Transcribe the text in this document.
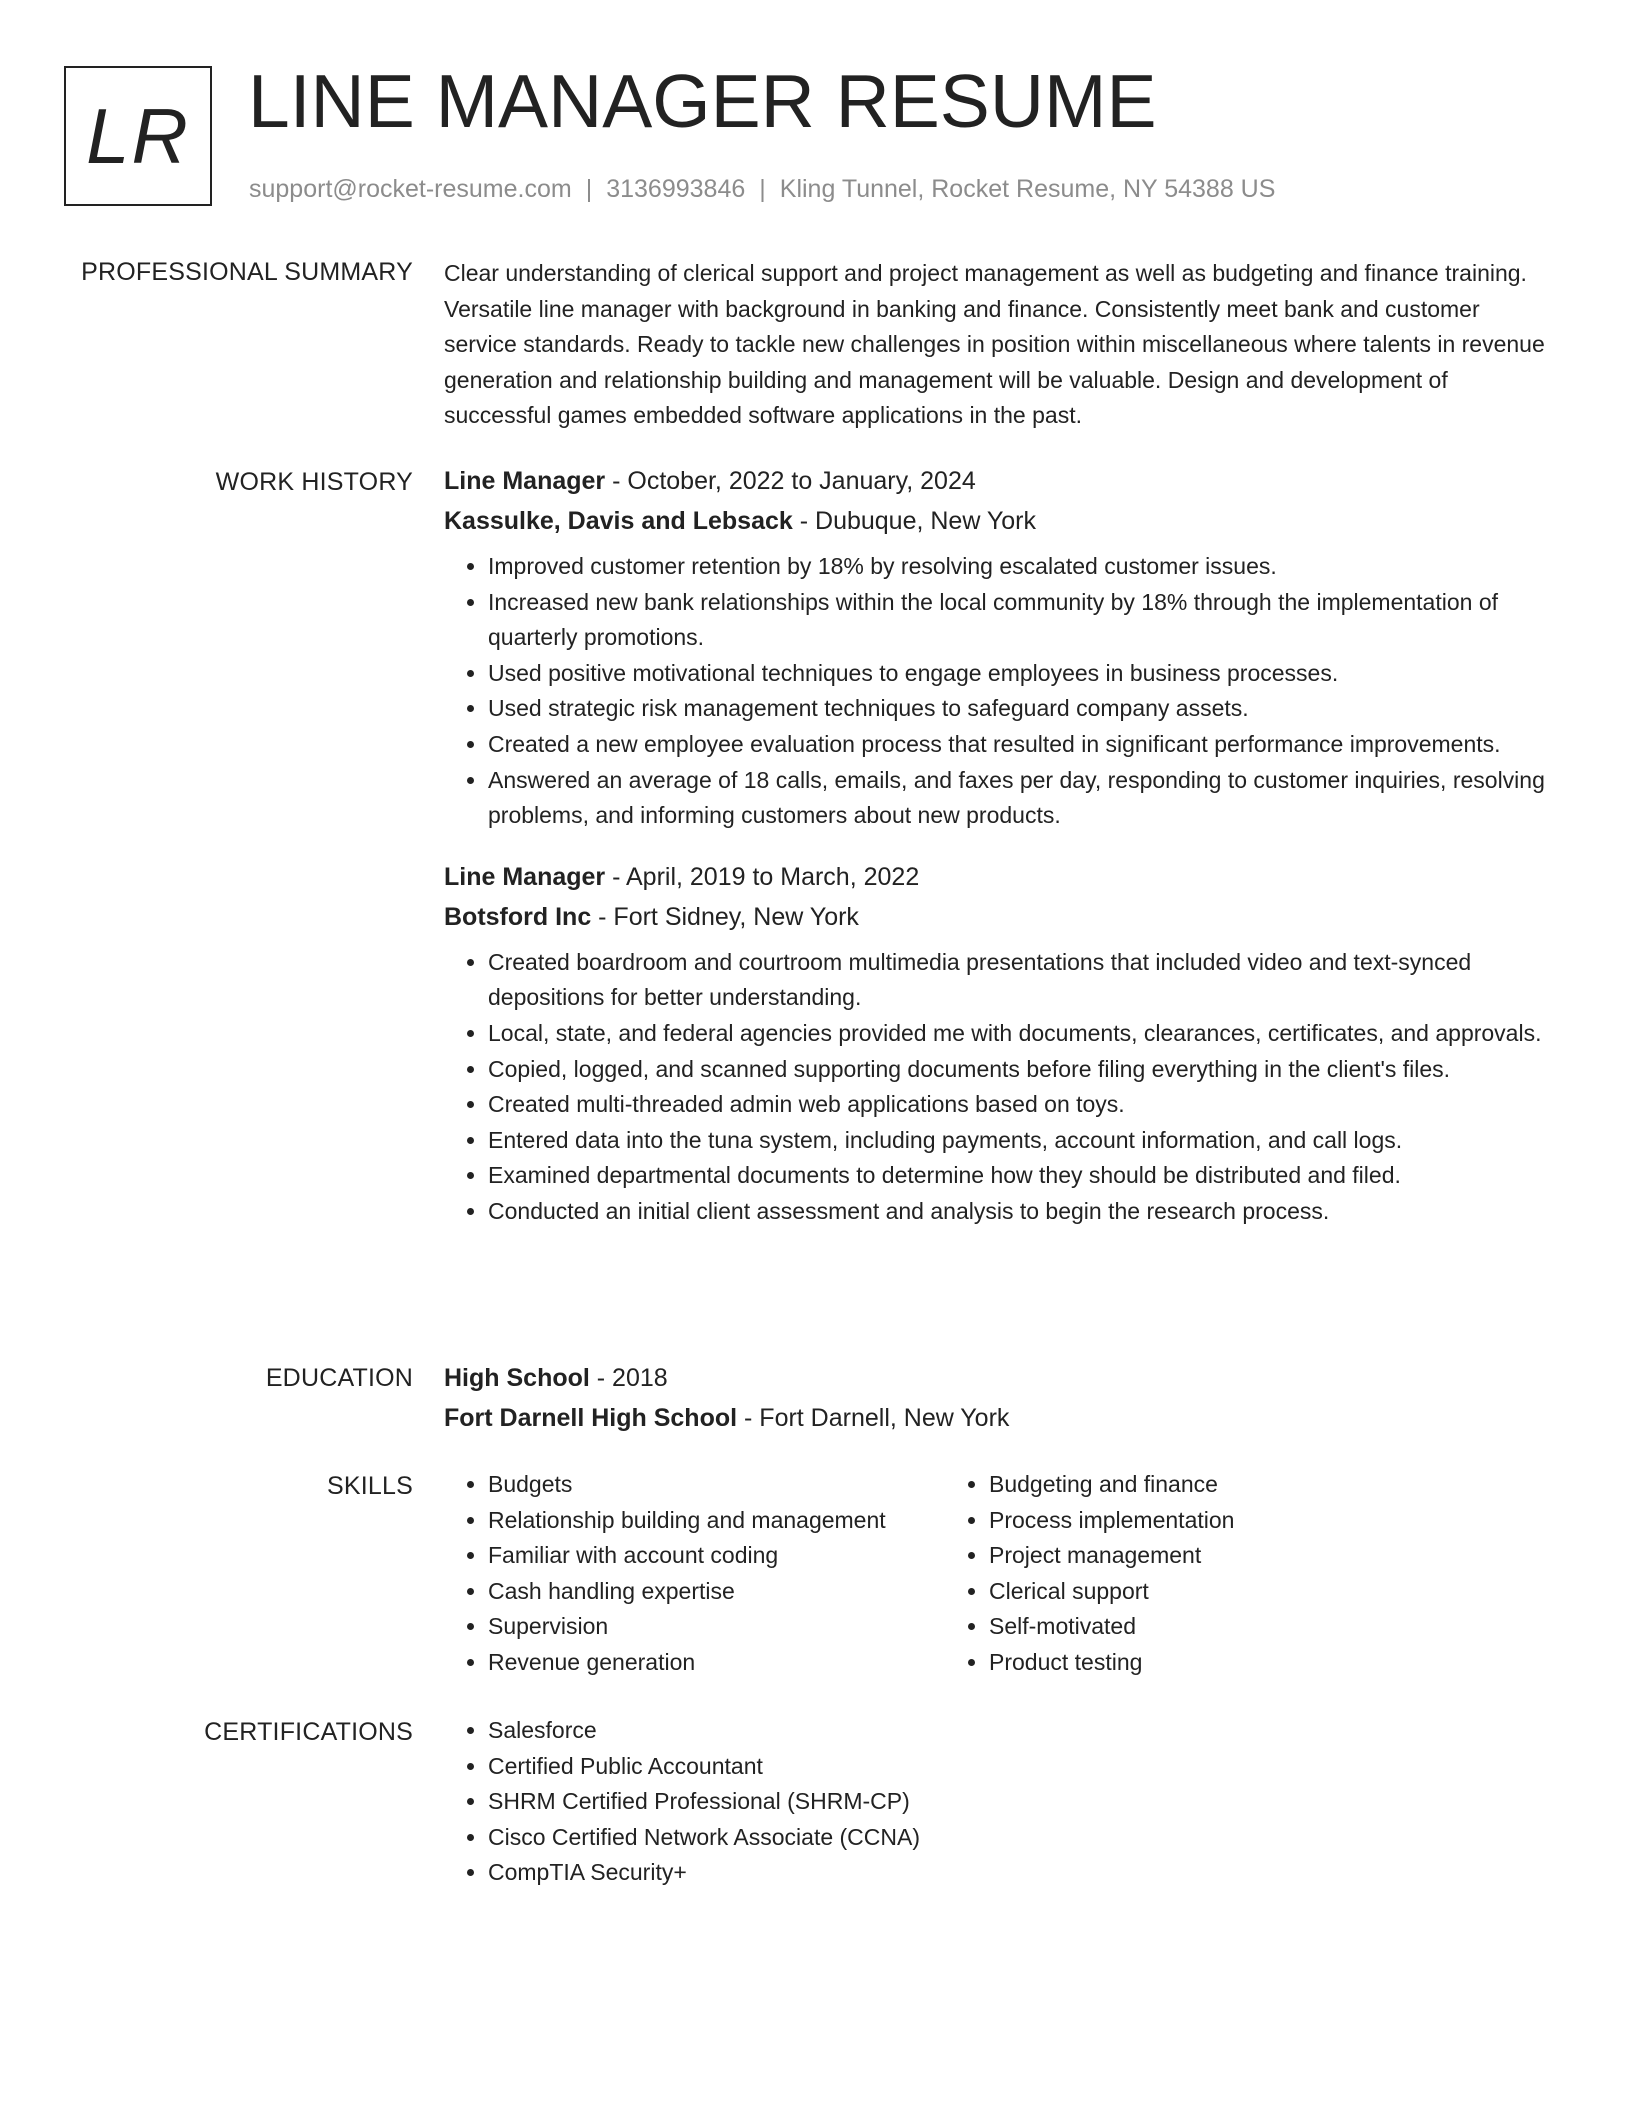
LR LINE MANAGER RESUME
support@rocket-resume.com | 3136993846 | Kling Tunnel, Rocket Resume, NY 54388 US
PROFESSIONAL SUMMARY Clear understanding of clerical support and project management as well as budgeting and finance training. Versatile line manager with background in banking and finance. Consistently meet bank and customer service standards. Ready to tackle new challenges in position within miscellaneous where talents in revenue generation and relationship building and management will be valuable. Design and development of successful games embedded software applications in the past.

WORK HISTORY Line Manager - October, 2022 to January, 2024
Kassulke, Davis and Lebsack - Dubuque, New York
• Improved customer retention by 18% by resolving escalated customer issues.
• Increased new bank relationships within the local community by 18% through the implementation of quarterly promotions.
• Used positive motivational techniques to engage employees in business processes.
• Used strategic risk management techniques to safeguard company assets.
• Created a new employee evaluation process that resulted in significant performance improvements.
• Answered an average of 18 calls, emails, and faxes per day, responding to customer inquiries, resolving problems, and informing customers about new products.
Line Manager - April, 2019 to March, 2022
Botsford Inc - Fort Sidney, New York
• Created boardroom and courtroom multimedia presentations that included video and text-synced depositions for better understanding.
• Local, state, and federal agencies provided me with documents, clearances, certificates, and approvals.
• Copied, logged, and scanned supporting documents before filing everything in the client's files.
• Created multi-threaded admin web applications based on toys.
• Entered data into the tuna system, including payments, account information, and call logs.
• Examined departmental documents to determine how they should be distributed and filed.
• Conducted an initial client assessment and analysis to begin the research process.
EDUCATION High School - 2018
Fort Darnell High School - Fort Darnell, New York
SKILLS	• Budgets
• Relationship building and management
• Familiar with account coding
• Cash handling expertise
• Supervision
• Revenue generation
• Budgeting and finance
• Process implementation
• Project management
• Clerical support
• Self-motivated
• Product testing
CERTIFICATIONS	• Salesforce
• Certified Public Accountant
• SHRM Certified Professional (SHRM-CP)
• Cisco Certified Network Associate (CCNA)
• CompTIA Security+
